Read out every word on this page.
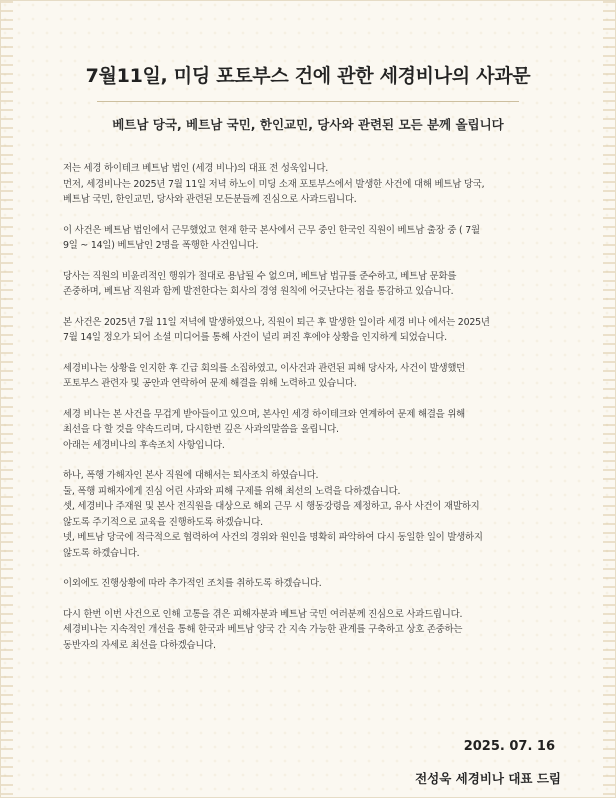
7월11일, 미딩 포토부스 건에 관한 세경비나의 사과문
베트남 당국, 베트남 국민, 한인교민, 당사와 관련된 모든 분께 올립니다

저는 세경 하이테크 베트남 법인 (세경 비나)의 대표 전 성욱입니다.
먼저, 세경비나는 2025년 7월 11일 저녁 하노이 미딩 소재 포토부스에서 발생한 사건에 대해 베트남 당국,
베트남 국민, 한인교민, 당사와 관련된 모든분들께 진심으로 사과드립니다.

이 사건은 베트남 법인에서 근무했었고 현재 한국 본사에서 근무 중인 한국인 직원이 베트남 출장 중 ( 7월
9일 ~ 14일) 베트남인 2명을 폭행한 사건입니다.

당사는 직원의 비윤리적인 행위가 절대로 용납될 수 없으며, 베트남 법규를 준수하고, 베트남 문화를
존중하며, 베트남 직원과 함께 발전한다는 회사의 경영 원칙에 어긋난다는 점을 통감하고 있습니다.

본 사건은 2025년 7월 11일 저녁에 발생하였으나, 직원이 퇴근 후 발생한 일이라 세경 비나 에서는 2025년
7월 14일 정오가 되어 소셜 미디어를 통해 사건이 널리 퍼진 후에야 상황을 인지하게 되었습니다.

세경비나는 상황을 인지한 후 긴급 회의를 소집하였고, 이사건과 관련된 피해 당사자, 사건이 발생했던
포토부스 관련자 및 공안과 연락하여 문제 해결을 위해 노력하고 있습니다.

세경 비나는 본 사건을 무겁게 받아들이고 있으며, 본사인 세경 하이테크와 연계하여 문제 해결을 위해
최선을 다 할 것을 약속드리며, 다시한번 깊은 사과의말씀을 올립니다.
아래는 세경비나의 후속조치 사항입니다.

하나, 폭행 가해자인 본사 직원에 대해서는 퇴사조치 하였습니다.

둘, 폭행 피해자에게 진심 어린 사과와 피해 구제를 위해 최선의 노력을 다하겠습니다.

셋, 세경비나 주재원 및 본사 전직원을 대상으로 해외 근무 시 행동강령을 제정하고, 유사 사건이 재발하지
않도록 주기적으로 교육을 진행하도록 하겠습니다.

넷, 베트남 당국에 적극적으로 협력하여 사건의 경위와 원인을 명확히 파악하여 다시 동일한 일이 발생하지
않도록 하겠습니다.

이외에도 진행상황에 따라 추가적인 조치를 취하도록 하겠습니다.

다시 한번 이번 사건으로 인해 고통을 겪은 피해자분과 베트남 국민 여러분께 진심으로 사과드립니다.
세경비나는 지속적인 개선을 통해 한국과 베트남 양국 간 지속 가능한 관계를 구축하고 상호 존중하는
동반자의 자세로 최선을 다하겠습니다.

2025. 07. 16
전성욱 세경비나 대표 드림
